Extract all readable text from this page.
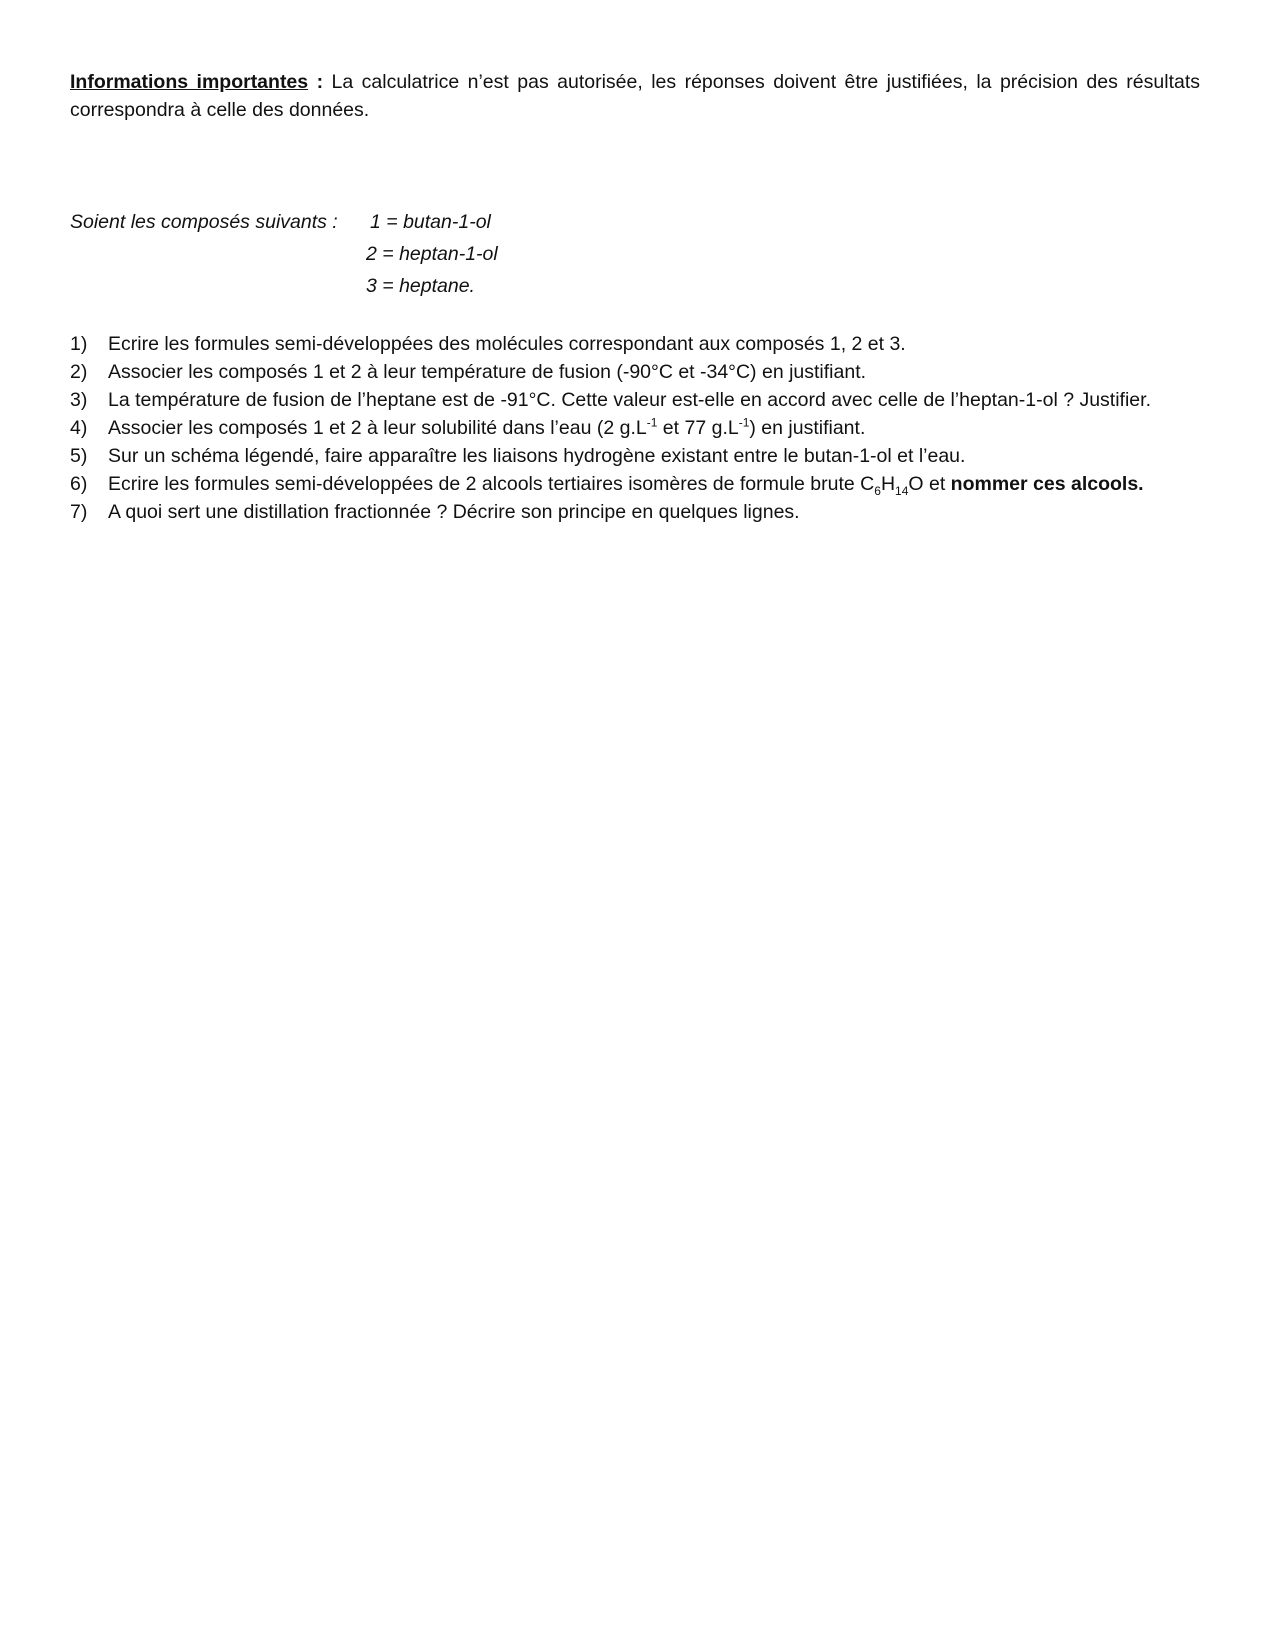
Informations importantes : La calculatrice n’est pas autorisée, les réponses doivent être justifiées, la précision des résultats correspondra à celle des données.

Soient les composés suivants :	1 = butan-1-ol
2 = heptan-1-ol
3 = heptane.
1)	Ecrire les formules semi-développées des molécules correspondant aux composés 1, 2 et 3.
2)	Associer les composés 1 et 2 à leur température de fusion (-90°C et -34°C) en justifiant.
3)	La température de fusion de l’heptane est de -91°C. Cette valeur est-elle en accord avec celle de l’heptan-1-ol ? Justifier.
4)	Associer les composés 1 et 2 à leur solubilité dans l’eau (2 $g.L^{-1}$ et 77 $g.L^{-1}$) en justifiant.
5)	Sur un schéma légendé, faire apparaître les liaisons hydrogène existant entre le butan-1-ol et l’eau.
6)	Ecrire les formules semi-développées de 2 alcools tertiaires isomères de formule brute $C_6H_{14}O$ et nommer ces alcools.
7)	A quoi sert une distillation fractionnée ? Décrire son principe en quelques lignes.
